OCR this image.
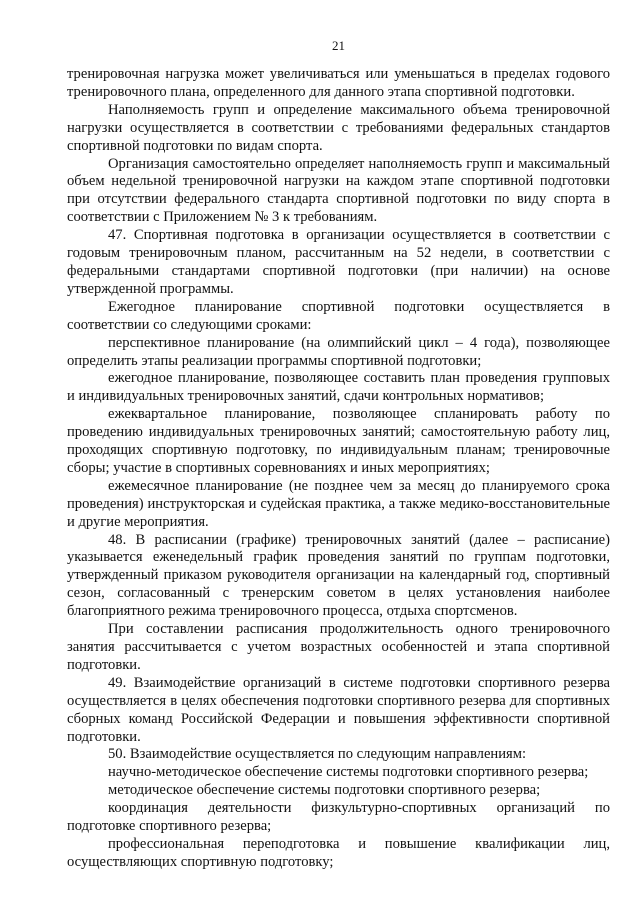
21

тренировочная нагрузка может увеличиваться или уменьшаться в пределах годового тренировочного плана, определенного для данного этапа спортивной подготовки.

Наполняемость групп и определение максимального объема тренировочной нагрузки осуществляется в соответствии с требованиями федеральных стандартов спортивной подготовки по видам спорта.

Организация самостоятельно определяет наполняемость групп и максимальный объем недельной тренировочной нагрузки на каждом этапе спортивной подготовки при отсутствии федерального стандарта спортивной подготовки по виду спорта в соответствии с Приложением № 3 к требованиям.

47. Спортивная подготовка в организации осуществляется в соответствии с годовым тренировочным планом, рассчитанным на 52 недели, в соответствии с федеральными стандартами спортивной подготовки (при наличии) на основе утвержденной программы.

Ежегодное планирование спортивной подготовки осуществляется в соответствии со следующими сроками:

перспективное планирование (на олимпийский цикл – 4 года), позволяющее определить этапы реализации программы спортивной подготовки;

ежегодное планирование, позволяющее составить план проведения групповых и индивидуальных тренировочных занятий, сдачи контрольных нормативов;

ежеквартальное планирование, позволяющее спланировать работу по проведению индивидуальных тренировочных занятий; самостоятельную работу лиц, проходящих спортивную подготовку, по индивидуальным планам; тренировочные сборы; участие в спортивных соревнованиях и иных мероприятиях;

ежемесячное планирование (не позднее чем за месяц до планируемого срока проведения) инструкторская и судейская практика, а также медико-восстановительные и другие мероприятия.

48. В расписании (графике) тренировочных занятий (далее – расписание) указывается еженедельный график проведения занятий по группам подготовки, утвержденный приказом руководителя организации на календарный год, спортивный сезон, согласованный с тренерским советом в целях установления наиболее благоприятного режима тренировочного процесса, отдыха спортсменов.

При составлении расписания продолжительность одного тренировочного занятия рассчитывается с учетом возрастных особенностей и этапа спортивной подготовки.

49. Взаимодействие организаций в системе подготовки спортивного резерва осуществляется в целях обеспечения подготовки спортивного резерва для спортивных сборных команд Российской Федерации и повышения эффективности спортивной подготовки.

50. Взаимодействие осуществляется по следующим направлениям:

научно-методическое обеспечение системы подготовки спортивного резерва;

методическое обеспечение системы подготовки спортивного резерва;

координация деятельности физкультурно-спортивных организаций по подготовке спортивного резерва;

профессиональная переподготовка и повышение квалификации лиц, осуществляющих спортивную подготовку;
